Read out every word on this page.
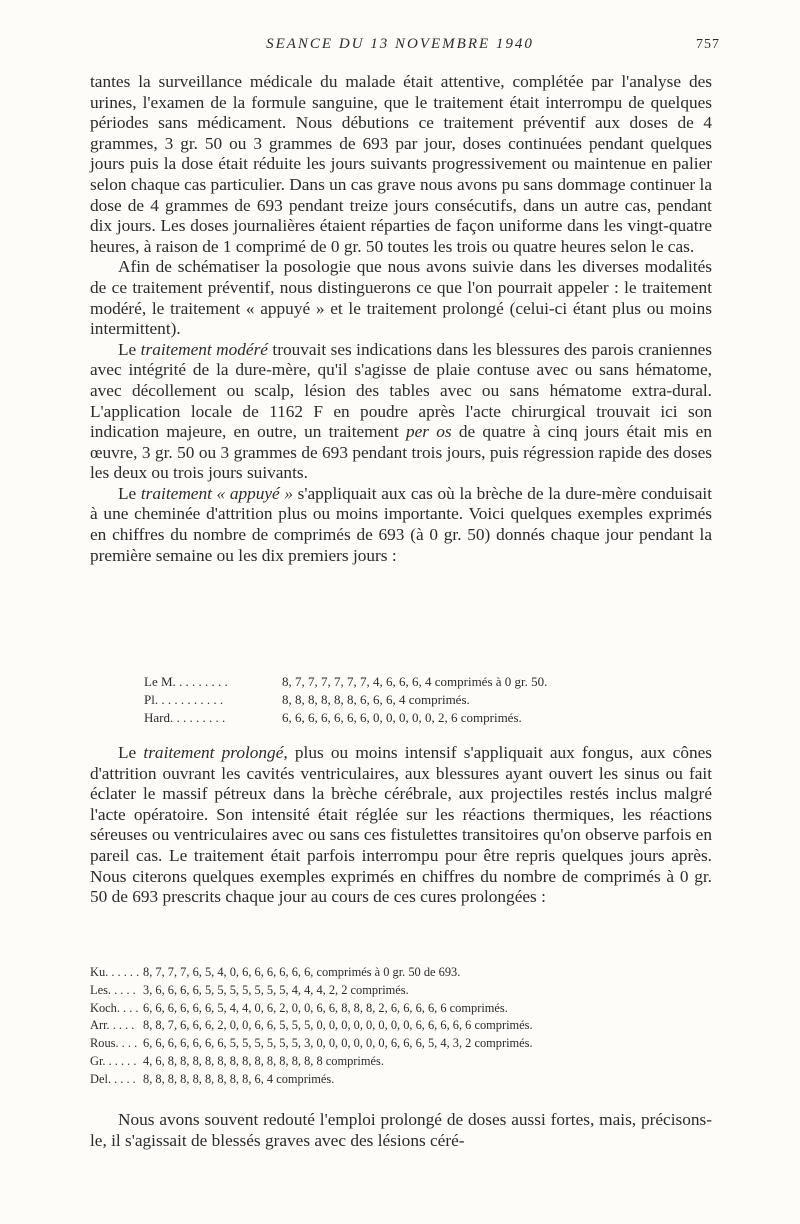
SEANCE DU 13 NOVEMBRE 1940	757

tantes la surveillance médicale du malade était attentive, complétée par l'analyse des urines, l'examen de la formule sanguine, que le traitement était interrompu de quelques périodes sans médicament. Nous débutions ce traitement préventif aux doses de 4 grammes, 3 gr. 50 ou 3 grammes de 693 par jour, doses continuées pendant quelques jours puis la dose était réduite les jours suivants progressivement ou maintenue en palier selon chaque cas particulier. Dans un cas grave nous avons pu sans dommage continuer la dose de 4 grammes de 693 pendant treize jours consécutifs, dans un autre cas, pendant dix jours. Les doses journalières étaient réparties de façon uniforme dans les vingt-quatre heures, à raison de 1 comprimé de 0 gr. 50 toutes les trois ou quatre heures selon le cas.

Afin de schématiser la posologie que nous avons suivie dans les diverses modalités de ce traitement préventif, nous distinguerons ce que l'on pourrait appeler : le traitement modéré, le traitement « appuyé » et le traitement prolongé (celui-ci étant plus ou moins intermittent).

Le traitement modéré trouvait ses indications dans les blessures des parois craniennes avec intégrité de la dure-mère, qu'il s'agisse de plaie contuse avec ou sans hématome, avec décollement ou scalp, lésion des tables avec ou sans hématome extra-dural. L'application locale de 1162 F en poudre après l'acte chirurgical trouvait ici son indication majeure, en outre, un traitement per os de quatre à cinq jours était mis en œuvre, 3 gr. 50 ou 3 grammes de 693 pendant trois jours, puis régression rapide des doses les deux ou trois jours suivants.

Le traitement « appuyé » s'appliquait aux cas où la brèche de la dure-mère conduisait à une cheminée d'attrition plus ou moins importante. Voici quelques exemples exprimés en chiffres du nombre de comprimés de 693 (à 0 gr. 50) donnés chaque jour pendant la première semaine ou les dix premiers jours :

Le M. . . . . . . . .	8, 7, 7, 7, 7, 7, 7, 4, 6, 6, 6, 4 comprimés à 0 gr. 50.
Pl. . . . . . . . . . .	8, 8, 8, 8, 8, 8, 6, 6, 6, 4 comprimés.
Hard. . . . . . . . .	6, 6, 6, 6, 6, 6, 6, 0, 0, 0, 0, 0, 2, 6 comprimés.

Le traitement prolongé, plus ou moins intensif s'appliquait aux fongus, aux cônes d'attrition ouvrant les cavités ventriculaires, aux blessures ayant ouvert les sinus ou fait éclater le massif pétreux dans la brèche cérébrale, aux projectiles restés inclus malgré l'acte opératoire. Son intensité était réglée sur les réactions thermiques, les réactions séreuses ou ventriculaires avec ou sans ces fistulettes transitoires qu'on observe parfois en pareil cas. Le traitement était parfois interrompu pour être repris quelques jours après. Nous citerons quelques exemples exprimés en chiffres du nombre de comprimés à 0 gr. 50 de 693 prescrits chaque jour au cours de ces cures prolongées :

Ku. . . . . . 8, 7, 7, 7, 6, 5, 4, 0, 6, 6, 6, 6, 6, 6, comprimés à 0 gr. 50 de 693.
Les. . . . . 3, 6, 6, 6, 6, 5, 5, 5, 5, 5, 5, 5, 4, 4, 4, 2, 2 comprimés.
Koch. . . . 6, 6, 6, 6, 6, 6, 5, 4, 4, 0, 6, 2, 0, 0, 6, 6, 8, 8, 8, 2, 6, 6, 6, 6, 6 comprimés.
Arr. . . . . 8, 8, 7, 6, 6, 6, 2, 0, 0, 6, 6, 5, 5, 5, 0, 0, 0, 0, 0, 0, 0, 0, 6, 6, 6, 6, 6 comprimés.
Rous. . . . 6, 6, 6, 6, 6, 6, 6, 5, 5, 5, 5, 5, 5, 3, 0, 0, 0, 0, 0, 0, 6, 6, 6, 5, 4, 3, 2 comprimés.
Gr. . . . . . 4, 6, 8, 8, 8, 8, 8, 8, 8, 8, 8, 8, 8, 8, 8 comprimés.
Del. . . . . 8, 8, 8, 8, 8, 8, 8, 8, 8, 6, 4 comprimés.

Nous avons souvent redouté l'emploi prolongé de doses aussi fortes, mais, précisons-le, il s'agissait de blessés graves avec des lésions céré-
